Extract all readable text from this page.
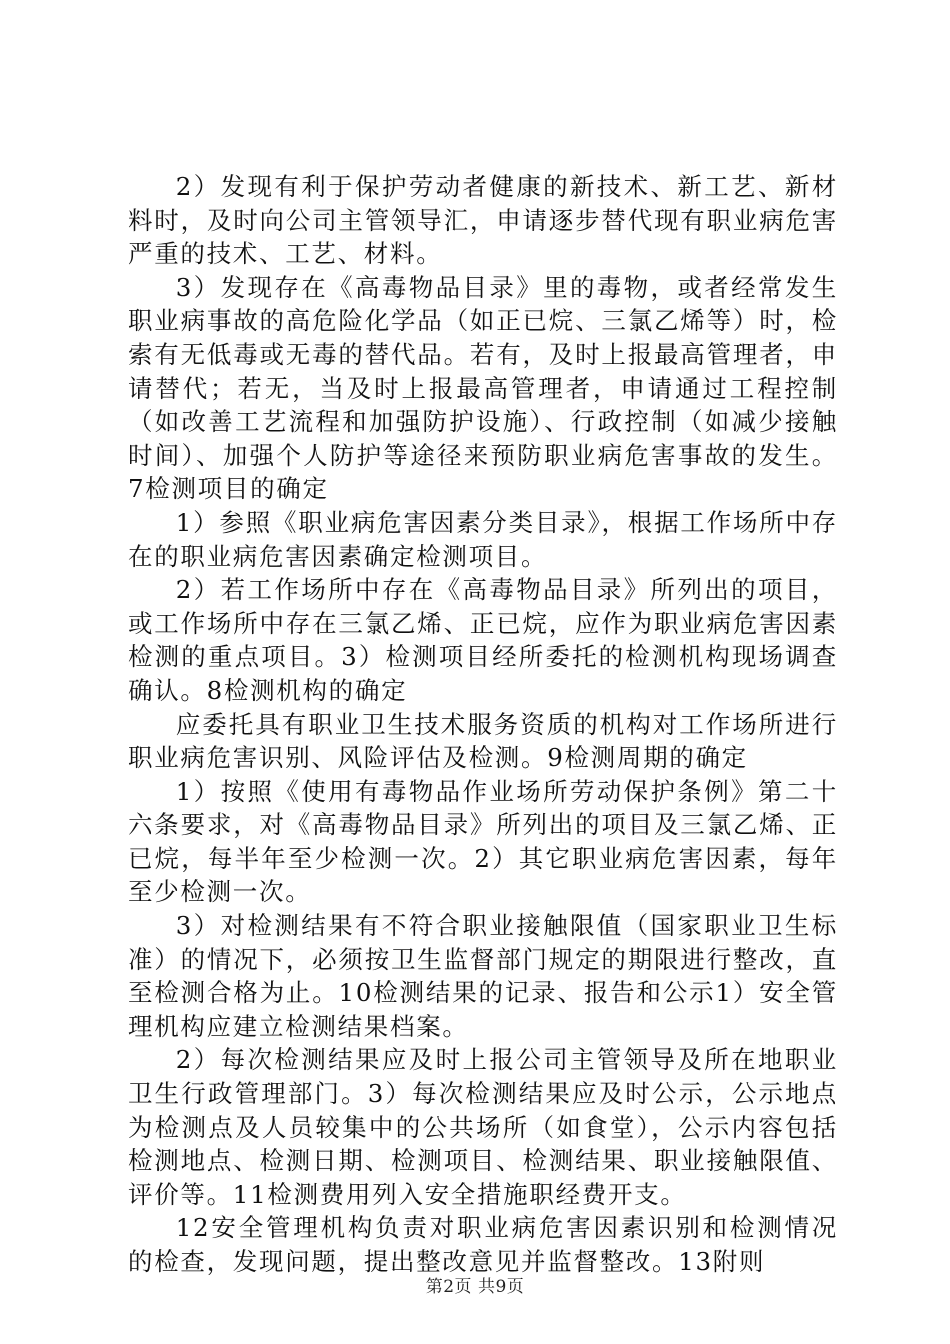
2）发现有利于保护劳动者健康的新技术、新工艺、新材料时，及时向公司主管领导汇，申请逐步替代现有职业病危害严重的技术、工艺、材料。

3）发现存在《高毒物品目录》里的毒物，或者经常发生职业病事故的高危险化学品（如正已烷、三氯乙烯等）时，检索有无低毒或无毒的替代品。若有，及时上报最高管理者，申请替代；若无，当及时上报最高管理者，申请通过工程控制（如改善工艺流程和加强防护设施）、行政控制（如减少接触时间）、加强个人防护等途径来预防职业病危害事故的发生。7检测项目的确定

1）参照《职业病危害因素分类目录》，根据工作场所中存在的职业病危害因素确定检测项目。

2）若工作场所中存在《高毒物品目录》所列出的项目，或工作场所中存在三氯乙烯、正已烷，应作为职业病危害因素检测的重点项目。3）检测项目经所委托的检测机构现场调查确认。8检测机构的确定

应委托具有职业卫生技术服务资质的机构对工作场所进行职业病危害识别、风险评估及检测。9检测周期的确定

1）按照《使用有毒物品作业场所劳动保护条例》第二十六条要求，对《高毒物品目录》所列出的项目及三氯乙烯、正已烷，每半年至少检测一次。2）其它职业病危害因素，每年至少检测一次。

3）对检测结果有不符合职业接触限值（国家职业卫生标准）的情况下，必须按卫生监督部门规定的期限进行整改，直至检测合格为止。10检测结果的记录、报告和公示1）安全管理机构应建立检测结果档案。

2）每次检测结果应及时上报公司主管领导及所在地职业卫生行政管理部门。3）每次检测结果应及时公示，公示地点为检测点及人员较集中的公共场所（如食堂），公示内容包括检测地点、检测日期、检测项目、检测结果、职业接触限值、评价等。11检测费用列入安全措施职经费开支。

12安全管理机构负责对职业病危害因素识别和检测情况的检查，发现问题，提出整改意见并监督整改。13附则

第2页 共9页
